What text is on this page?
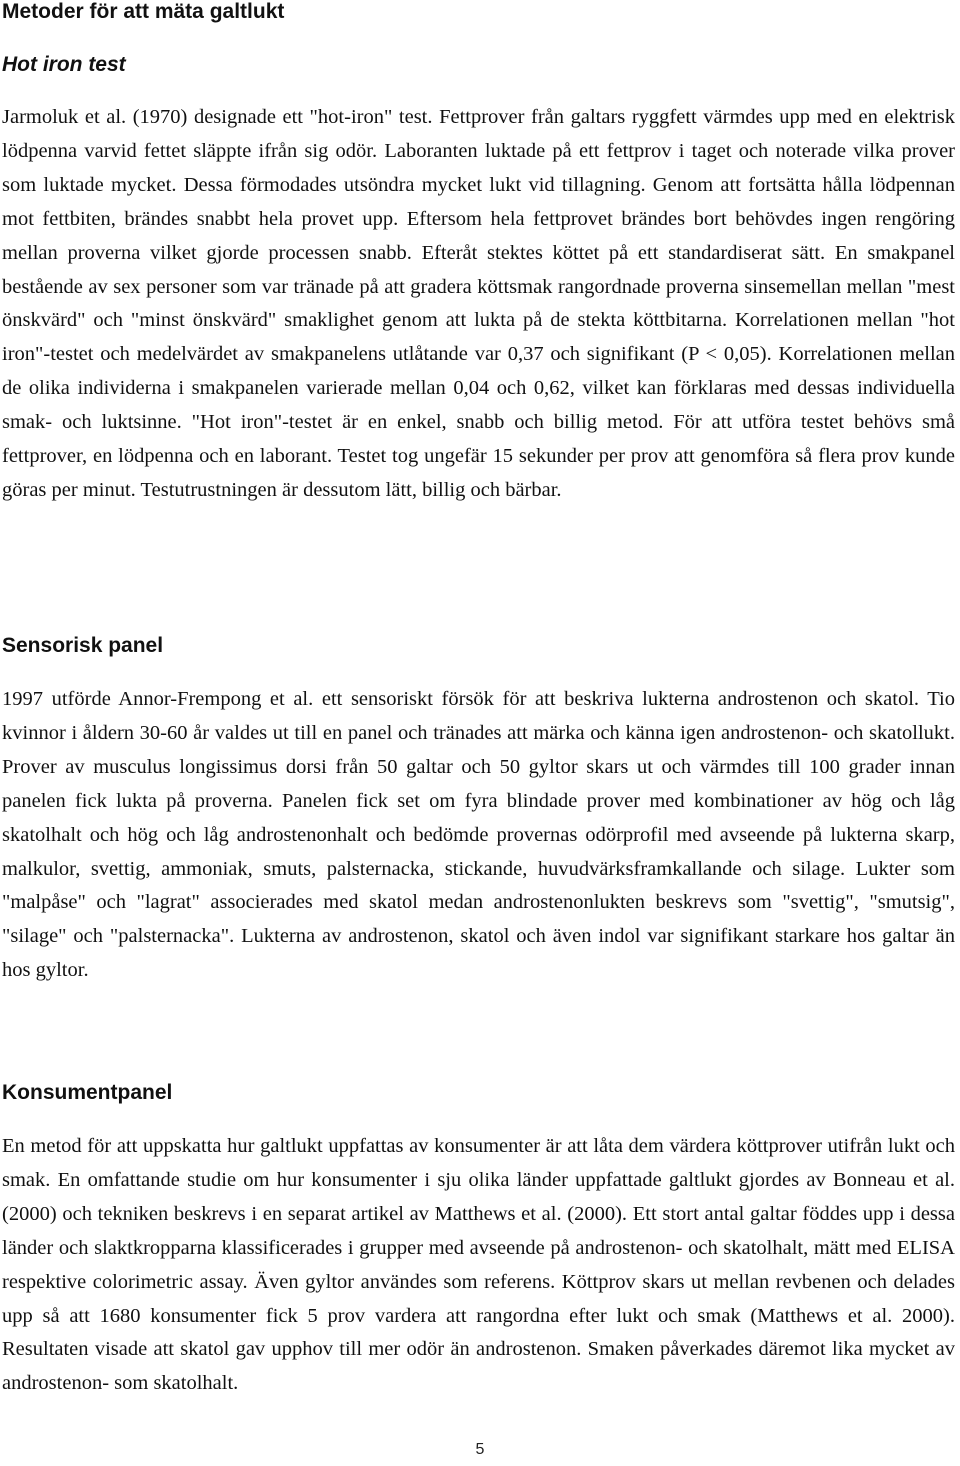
Metoder för att mäta galtlukt
Hot iron test

Jarmoluk et al. (1970) designade ett "hot-iron" test. Fettprover från galtars ryggfett värmdes upp med en elektrisk lödpenna varvid fettet släppte ifrån sig odör. Laboranten luktade på ett fettprov i taget och noterade vilka prover som luktade mycket. Dessa förmodades utsöndra mycket lukt vid tillagning. Genom att fortsätta hålla lödpennan mot fettbiten, brändes snabbt hela provet upp. Eftersom hela fettprovet brändes bort behövdes ingen rengöring mellan proverna vilket gjorde processen snabb. Efteråt stektes köttet på ett standardiserat sätt. En smakpanel bestående av sex personer som var tränade på att gradera köttsmak rangordnade proverna sinsemellan mellan "mest önskvärd" och "minst önskvärd" smaklighet genom att lukta på de stekta köttbitarna. Korrelationen mellan "hot iron"-testet och medelvärdet av smakpanelens utlåtande var 0,37 och signifikant (P < 0,05). Korrelationen mellan de olika individerna i smakpanelen varierade mellan 0,04 och 0,62, vilket kan förklaras med dessas individuella smak- och luktsinne. "Hot iron"-testet är en enkel, snabb och billig metod. För att utföra testet behövs små fettprover, en lödpenna och en laborant. Testet tog ungefär 15 sekunder per prov att genomföra så flera prov kunde göras per minut. Testutrustningen är dessutom lätt, billig och bärbar.

Sensorisk panel

1997 utförde Annor-Frempong et al. ett sensoriskt försök för att beskriva lukterna androstenon och skatol. Tio kvinnor i åldern 30-60 år valdes ut till en panel och tränades att märka och känna igen androstenon- och skatollukt. Prover av musculus longissimus dorsi från 50 galtar och 50 gyltor skars ut och värmdes till 100 grader innan panelen fick lukta på proverna. Panelen fick set om fyra blindade prover med kombinationer av hög och låg skatolhalt och hög och låg androstenonhalt och bedömde provernas odörprofil med avseende på lukterna skarp, malkulor, svettig, ammoniak, smuts, palsternacka, stickande, huvudvärksframkallande och silage. Lukter som "malpåse" och "lagrat" associerades med skatol medan androstenonlukten beskrevs som "svettig", "smutsig", "silage" och "palsternacka". Lukterna av androstenon, skatol och även indol var signifikant starkare hos galtar än hos gyltor.

Konsumentpanel

En metod för att uppskatta hur galtlukt uppfattas av konsumenter är att låta dem värdera köttprover utifrån lukt och smak. En omfattande studie om hur konsumenter i sju olika länder uppfattade galtlukt gjordes av Bonneau et al. (2000) och tekniken beskrevs i en separat artikel av Matthews et al. (2000). Ett stort antal galtar föddes upp i dessa länder och slaktkropparna klassificerades i grupper med avseende på androstenon- och skatolhalt, mätt med ELISA respektive colorimetric assay. Även gyltor användes som referens. Köttprov skars ut mellan revbenen och delades upp så att 1680 konsumenter fick 5 prov vardera att rangordna efter lukt och smak (Matthews et al. 2000). Resultaten visade att skatol gav upphov till mer odör än androstenon. Smaken påverkades däremot lika mycket av androstenon- som skatolhalt.

5
